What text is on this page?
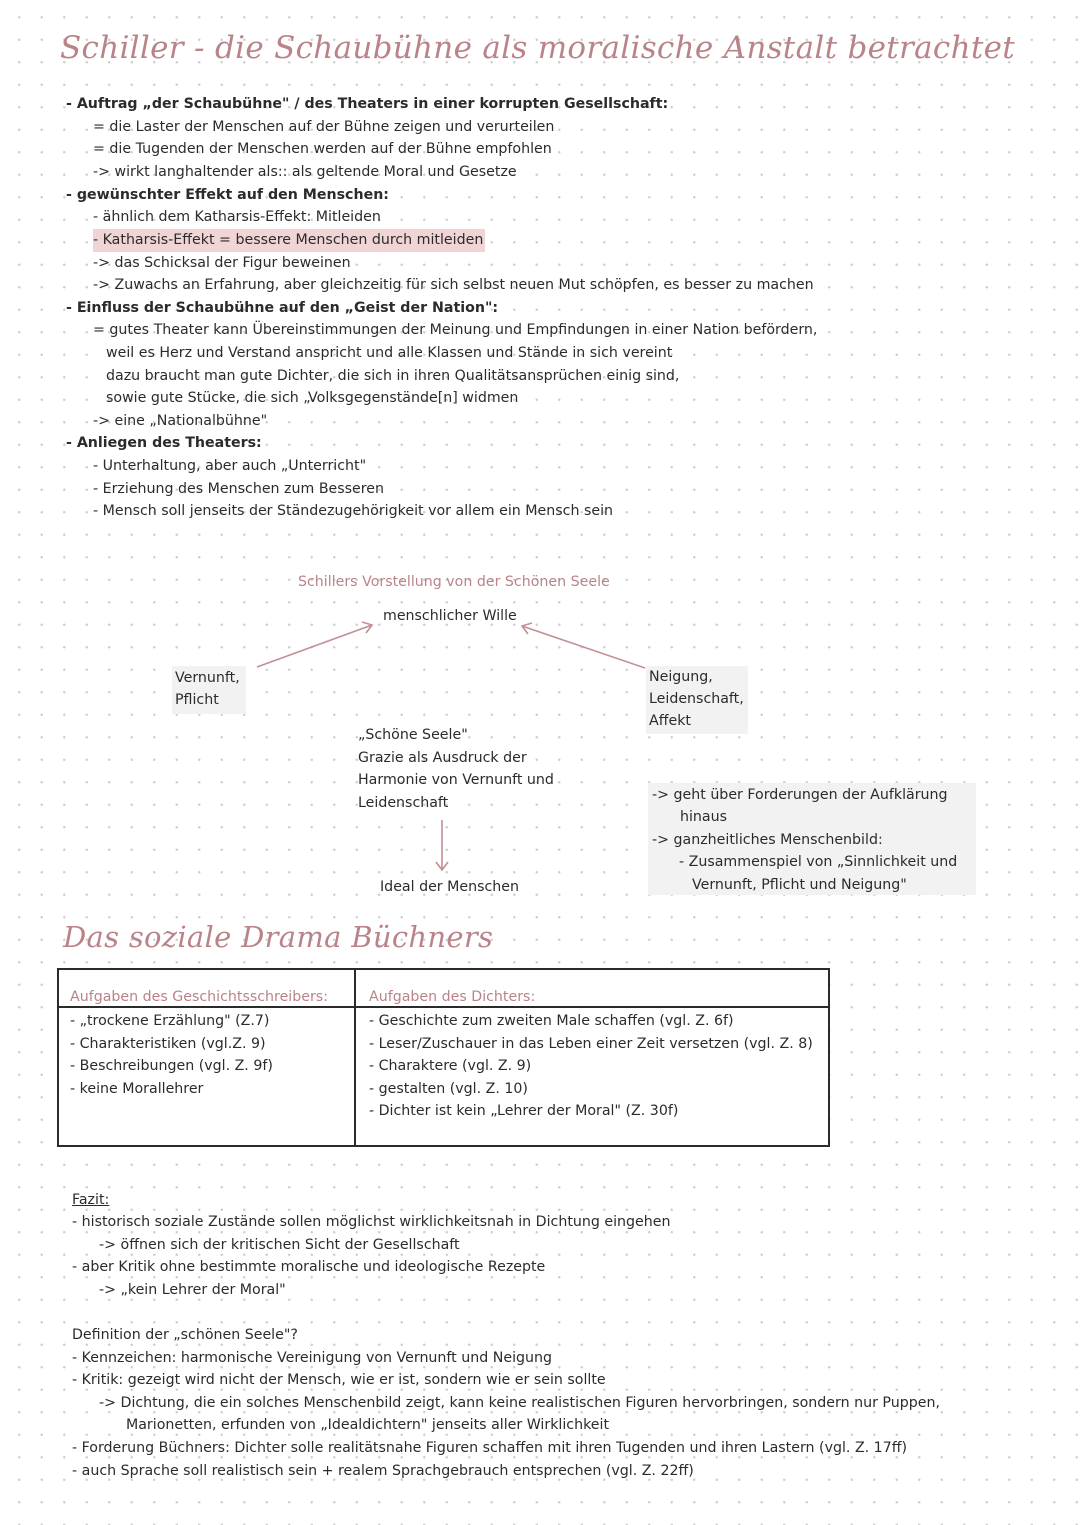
Schiller - die Schaubühne als moralische Anstalt betrachtet
- Auftrag „der Schaubühne" / des Theaters in einer korrupten Gesellschaft:
= die Laster der Menschen auf der Bühne zeigen und verurteilen
= die Tugenden der Menschen werden auf der Bühne empfohlen
-> wirkt langhaltender als:: als geltende Moral und Gesetze
- gewünschter Effekt auf den Menschen:
- ähnlich dem Katharsis-Effekt: Mitleiden
- Katharsis-Effekt = bessere Menschen durch mitleiden
-> das Schicksal der Figur beweinen
-> Zuwachs an Erfahrung, aber gleichzeitig für sich selbst neuen Mut schöpfen, es besser zu machen
- Einfluss der Schaubühne auf den „Geist der Nation":
= gutes Theater kann Übereinstimmungen der Meinung und Empfindungen in einer Nation befördern,
weil es Herz und Verstand anspricht und alle Klassen und Stände in sich vereint
dazu braucht man gute Dichter, die sich in ihren Qualitätsansprüchen einig sind,
sowie gute Stücke, die sich „Volksgegenstände[n] widmen
-> eine „Nationalbühne"
- Anliegen des Theaters:
- Unterhaltung, aber auch „Unterricht"
- Erziehung des Menschen zum Besseren
- Mensch soll jenseits der Ständezugehörigkeit vor allem ein Mensch sein
Schillers Vorstellung von der Schönen Seele
menschlicher Wille
Vernunft,
Pflicht
Neigung,
Leidenschaft,
Affekt
„Schöne Seele"
Grazie als Ausdruck der
Harmonie von Vernunft und
Leidenschaft
Ideal der Menschen
-> geht über Forderungen der Aufklärung
hinaus
-> ganzheitliches Menschenbild:
- Zusammenspiel von „Sinnlichkeit und
Vernunft, Pflicht und Neigung"
Das soziale Drama Büchners
Aufgaben des Geschichtsschreibers:	Aufgaben des Dichters:
- „trockene Erzählung" (Z.7)
- Charakteristiken (vgl.Z. 9)
- Beschreibungen (vgl. Z. 9f)
- keine Morallehrer
- Geschichte zum zweiten Male schaffen (vgl. Z. 6f)
- Leser/Zuschauer in das Leben einer Zeit versetzen (vgl. Z. 8)
- Charaktere (vgl. Z. 9)
- gestalten (vgl. Z. 10)
- Dichter ist kein „Lehrer der Moral" (Z. 30f)
Fazit:
- historisch soziale Zustände sollen möglichst wirklichkeitsnah in Dichtung eingehen
-> öffnen sich der kritischen Sicht der Gesellschaft
- aber Kritik ohne bestimmte moralische und ideologische Rezepte
-> „kein Lehrer der Moral"
Definition der „schönen Seele"?
- Kennzeichen: harmonische Vereinigung von Vernunft und Neigung
- Kritik: gezeigt wird nicht der Mensch, wie er ist, sondern wie er sein sollte
-> Dichtung, die ein solches Menschenbild zeigt, kann keine realistischen Figuren hervorbringen, sondern nur Puppen,
Marionetten, erfunden von „Idealdichtern" jenseits aller Wirklichkeit
- Forderung Büchners: Dichter solle realitätsnahe Figuren schaffen mit ihren Tugenden und ihren Lastern (vgl. Z. 17ff)
- auch Sprache soll realistisch sein + realem Sprachgebrauch entsprechen (vgl. Z. 22ff)
